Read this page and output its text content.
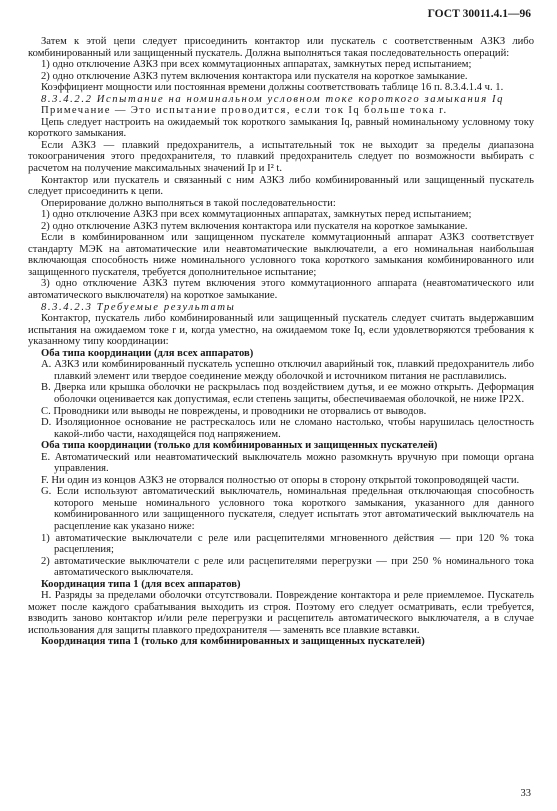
ГОСТ 30011.4.1—96

Затем к этой цепи следует присоединить контактор или пускатель с соответственным АЗКЗ либо комбинированный или защищенный пускатель. Должна выполняться такая последовательность операций:

1) одно отключение АЗКЗ при всех коммутационных аппаратах, замкнутых перед испытанием;

2) одно отключение АЗКЗ путем включения контактора или пускателя на короткое замыкание.

Коэффициент мощности или постоянная времени должны соответствовать таблице 16 п. 8.3.4.1.4 ч. 1.

8.3.4.2.2 Испытание на номинальном условном токе короткого замыкания Iq

Примечание — Это испытание проводится, если ток Iq больше тока r.

Цепь следует настроить на ожидаемый ток короткого замыкания Iq, равный номинальному условному току короткого замыкания.

Если АЗКЗ — плавкий предохранитель, а испытательный ток не выходит за пределы диапазона токоограничения этого предохранителя, то плавкий предохранитель следует по возможности выбирать с расчетом на получение максимальных значений Ip и I² t.

Контактор или пускатель и связанный с ним АЗКЗ либо комбинированный или защищенный пускатель следует присоединить к цепи.

Оперирование должно выполняться в такой последовательности:

1) одно отключение АЗКЗ при всех коммутационных аппаратах, замкнутых перед испытанием;

2) одно отключение АЗКЗ путем включения контактора или пускателя на короткое замыкание.

Если в комбинированном или защищенном пускателе коммутационный аппарат АЗКЗ соответствует стандарту МЭК на автоматические или неавтоматические выключатели, а его номинальная наибольшая включающая способность ниже номинального условного тока короткого замыкания комбинированного или защищенного пускателя, требуется дополнительное испытание;

3) одно отключение АЗКЗ путем включения этого коммутационного аппарата (неавтоматического или автоматического выключателя) на короткое замыкание.

8.3.4.2.3 Требуемые результаты

Контактор, пускатель либо комбинированный или защищенный пускатель следует считать выдержавшим испытания на ожидаемом токе r и, когда уместно, на ожидаемом токе Iq, если удовлетворяются требования к указанному типу координации:

Оба типа координации (для всех аппаратов)

А. АЗКЗ или комбинированный пускатель успешно отключил аварийный ток, плавкий предохранитель либо плавкий элемент или твердое соединение между оболочкой и источником питания не расплавились.

В. Дверка или крышка оболочки не раскрылась под воздействием дутья, и ее можно открыть. Деформация оболочки оценивается как допустимая, если степень защиты, обеспечиваемая оболочкой, не ниже IP2X.

С. Проводники или выводы не повреждены, и проводники не оторвались от выводов.

D. Изоляционное основание не растрескалось или не сломано настолько, чтобы нарушилась целостность какой-либо части, находящейся под напряжением.

Оба типа координации (только для комбинированных и защищенных пускателей)

Е. Автоматический или неавтоматический выключатель можно разомкнуть вручную при помощи органа управления.

F. Ни один из концов АЗКЗ не оторвался полностью от опоры в сторону открытой токопроводящей части.

G. Если используют автоматический выключатель, номинальная предельная отключающая способность которого меньше номинального условного тока короткого замыкания, указанного для данного комбинированного или защищенного пускателя, следует испытать этот автоматический выключатель на расцепление как указано ниже:

1) автоматические выключатели с реле или расцепителями мгновенного действия — при 120 % тока расцепления;

2) автоматические выключатели с реле или расцепителями перегрузки — при 250 % номинального тока автоматического выключателя.

Координация типа 1 (для всех аппаратов)

Н. Разряды за пределами оболочки отсутствовали. Повреждение контактора и реле приемлемое. Пускатель может после каждого срабатывания выходить из строя. Поэтому его следует осматривать, если требуется, взводить заново контактор и/или реле перегрузки и расцепитель автоматического выключателя, а в случае использования для защиты плавкого предохранителя — заменять все плавкие вставки.

Координация типа 1 (только для комбинированных и защищенных пускателей)

33
